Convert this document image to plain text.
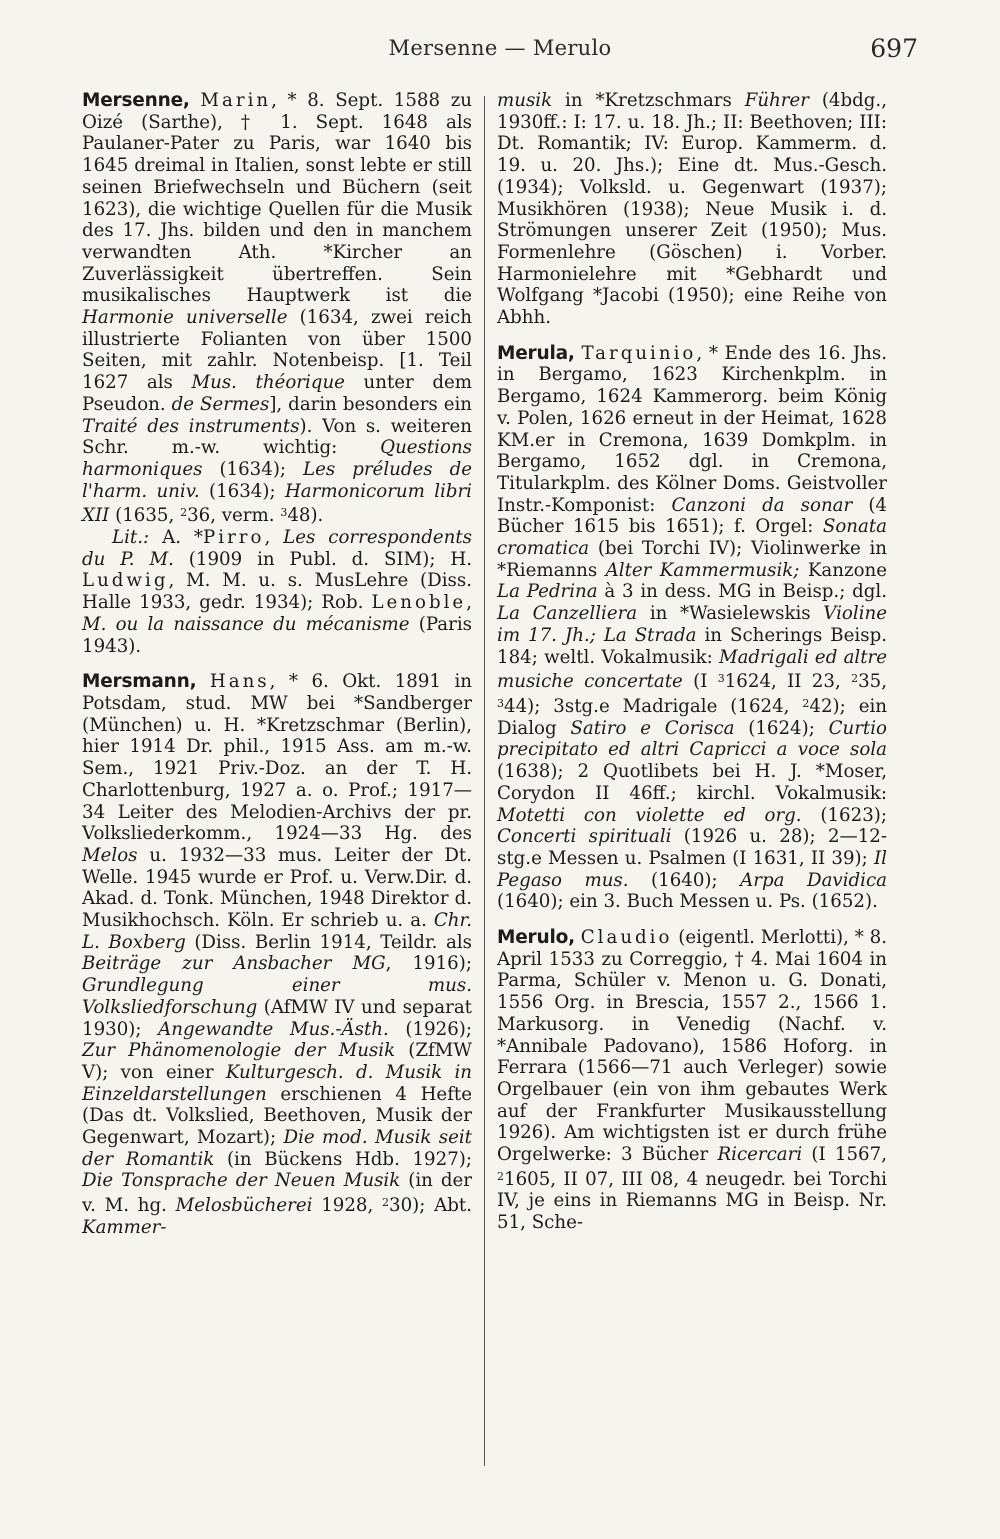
Mersenne — Merulo	697

Mersenne, Marin, * 8. Sept. 1588 zu Oizé (Sarthe), † 1. Sept. 1648 als Paulaner-Pater zu Paris, war 1640 bis 1645 dreimal in Italien, sonst lebte er still seinen Briefwechseln und Büchern (seit 1623), die wichtige Quellen für die Musik des 17. Jhs. bilden und den in manchem verwandten Ath. *Kircher an Zuverlässigkeit übertreffen. Sein musikalisches Hauptwerk ist die Harmonie universelle (1634, zwei reich illustrierte Folianten von über 1500 Seiten, mit zahlr. Notenbeisp. [1. Teil 1627 als Mus. théorique unter dem Pseudon. de Sermes], darin besonders ein Traité des instruments). Von s. weiteren Schr. m.-w. wichtig: Questions harmoniques (1634); Les préludes de l'harm. univ. (1634); Harmonicorum libri XII (1635, $^2$36, verm. $^3$48).
Lit.: A. *Pirro, Les correspondents du P. M. (1909 in Publ. d. SIM); H. Ludwig, M. M. u. s. MusLehre (Diss. Halle 1933, gedr. 1934); Rob. Lenoble, M. ou la naissance du mécanisme (Paris 1943).

Mersmann, Hans, * 6. Okt. 1891 in Potsdam, stud. MW bei *Sandberger (München) u. H. *Kretzschmar (Berlin), hier 1914 Dr. phil., 1915 Ass. am m.-w. Sem., 1921 Priv.-Doz. an der T. H. Charlottenburg, 1927 a. o. Prof.; 1917—34 Leiter des Melodien-Archivs der pr. Volksliederkomm., 1924—33 Hg. des Melos u. 1932—33 mus. Leiter der Dt. Welle. 1945 wurde er Prof. u. Verw.Dir. d. Akad. d. Tonk. München, 1948 Direktor d. Musikhochsch. Köln. Er schrieb u. a. Chr. L. Boxberg (Diss. Berlin 1914, Teildr. als Beiträge zur Ansbacher MG, 1916); Grundlegung einer mus. Volksliedforschung (AfMW IV und separat 1930); Angewandte Mus.-Ästh. (1926); Zur Phänomenologie der Musik (ZfMW V); von einer Kulturgesch. d. Musik in Einzeldarstellungen erschienen 4 Hefte (Das dt. Volkslied, Beethoven, Musik der Gegenwart, Mozart); Die mod. Musik seit der Romantik (in Bückens Hdb. 1927); Die Tonsprache der Neuen Musik (in der v. M. hg. Melosbücherei 1928, $^2$30); Abt. Kammer-

musik in *Kretzschmars Führer (4bdg., 1930ff.: I: 17. u. 18. Jh.; II: Beethoven; III: Dt. Romantik; IV: Europ. Kammerm. d. 19. u. 20. Jhs.); Eine dt. Mus.-Gesch. (1934); Volksld. u. Gegenwart (1937); Musikhören (1938); Neue Musik i. d. Strömungen unserer Zeit (1950); Mus. Formenlehre (Göschen) i. Vorber. Harmonielehre mit *Gebhardt und Wolfgang *Jacobi (1950); eine Reihe von Abhh.

Merula, Tarquinio, * Ende des 16. Jhs. in Bergamo, 1623 Kirchenkplm. in Bergamo, 1624 Kammerorg. beim König v. Polen, 1626 erneut in der Heimat, 1628 KM.er in Cremona, 1639 Domkplm. in Bergamo, 1652 dgl. in Cremona, Titularkplm. des Kölner Doms. Geistvoller Instr.-Komponist: Canzoni da sonar (4 Bücher 1615 bis 1651); f. Orgel: Sonata cromatica (bei Torchi IV); Violinwerke in *Riemanns Alter Kammermusik; Kanzone La Pedrina à 3 in dess. MG in Beisp.; dgl. La Canzelliera in *Wasielewskis Violine im 17. Jh.; La Strada in Scherings Beisp. 184; weltl. Vokalmusik: Madrigali ed altre musiche concertate (I $^3$1624, II 23, $^2$35, $^3$44); 3stg.e Madrigale (1624, $^2$42); ein Dialog Satiro e Corisca (1624); Curtio precipitato ed altri Capricci a voce sola (1638); 2 Quotlibets bei H. J. *Moser, Corydon II 46ff.; kirchl. Vokalmusik: Motetti con violette ed org. (1623); Concerti spirituali (1926 u. 28); 2—12-stg.e Messen u. Psalmen (I 1631, II 39); Il Pegaso mus. (1640); Arpa Davidica (1640); ein 3. Buch Messen u. Ps. (1652).

Merulo, Claudio (eigentl. Merlotti), * 8. April 1533 zu Correggio, † 4. Mai 1604 in Parma, Schüler v. Menon u. G. Donati, 1556 Org. in Brescia, 1557 2., 1566 1. Markusorg. in Venedig (Nachf. v. *Annibale Padovano), 1586 Hoforg. in Ferrara (1566—71 auch Verleger) sowie Orgelbauer (ein von ihm gebautes Werk auf der Frankfurter Musikausstellung 1926). Am wichtigsten ist er durch frühe Orgelwerke: 3 Bücher Ricercari (I 1567, $^2$1605, II 07, III 08, 4 neugedr. bei Torchi IV, je eins in Riemanns MG in Beisp. Nr. 51, Sche-
